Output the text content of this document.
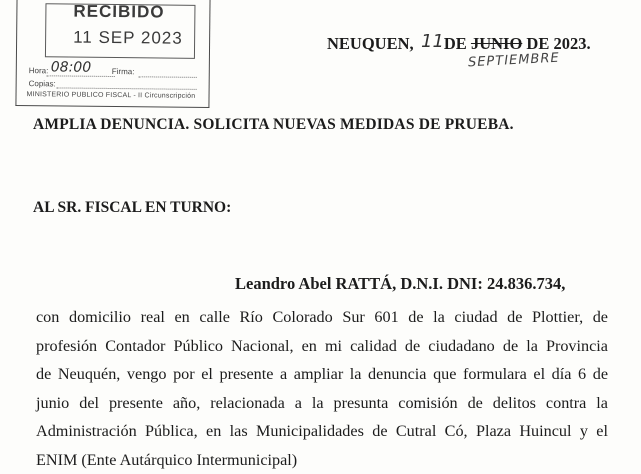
RECIBIDO
11 SEP 2023
Hora: 08:00	Firma:
Copias:
MINISTERIO PUBLICO FISCAL - II Circunscripción
NEUQUEN, DE JUNIO DE 2023.
11
SEPTIEMBRE
AMPLIA DENUNCIA. SOLICITA NUEVAS MEDIDAS DE PRUEBA.
AL SR. FISCAL EN TURNO:
Leandro Abel RATTÁ, D.N.I. DNI: 24.836.734,
con domicilio real en calle Río Colorado Sur 601 de la ciudad de Plottier, de
profesión Contador Público Nacional, en mi calidad de ciudadano de la Provincia
de Neuquén, vengo por el presente a ampliar la denuncia que formulara el día 6 de
junio del presente año, relacionada a la presunta comisión de delitos contra la
Administración Pública, en las Municipalidades de Cutral Có, Plaza Huincul y el
ENIM (Ente Autárquico Intermunicipal)
